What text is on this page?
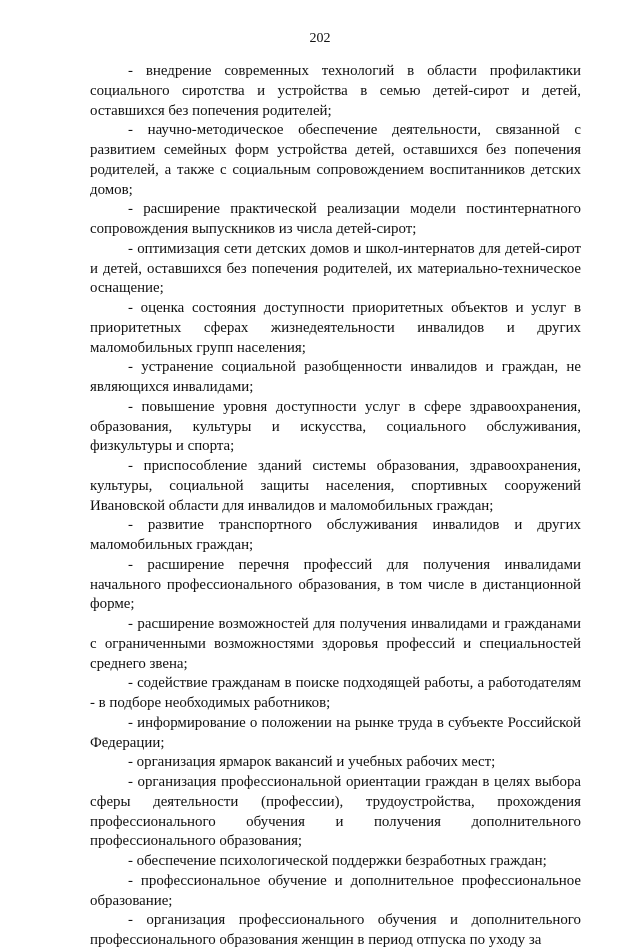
202

- внедрение современных технологий в области профилактики социального сиротства и устройства в семью детей-сирот и детей, оставшихся без попечения родителей;

- научно-методическое обеспечение деятельности, связанной с развитием семейных форм устройства детей, оставшихся без попечения родителей, а также с социальным сопровождением воспитанников детских домов;

- расширение практической реализации модели постинтернатного сопровождения выпускников из числа детей-сирот;

- оптимизация сети детских домов и школ-интернатов для детей-сирот и детей, оставшихся без попечения родителей, их материально-техническое оснащение;

- оценка состояния доступности приоритетных объектов и услуг в приоритетных сферах жизнедеятельности инвалидов и других маломобильных групп населения;

- устранение социальной разобщенности инвалидов и граждан, не являющихся инвалидами;

- повышение уровня доступности услуг в сфере здравоохранения, образования, культуры и искусства, социального обслуживания, физкультуры и спорта;

- приспособление зданий системы образования, здравоохранения, культуры, социальной защиты населения, спортивных сооружений Ивановской области для инвалидов и маломобильных граждан;

- развитие транспортного обслуживания инвалидов и других маломобильных граждан;

- расширение перечня профессий для получения инвалидами начального профессионального образования, в том числе в дистанционной форме;

- расширение возможностей для получения инвалидами и гражданами с ограниченными возможностями здоровья профессий и специальностей среднего звена;

- содействие гражданам в поиске подходящей работы, а работодателям - в подборе необходимых работников;

- информирование о положении на рынке труда в субъекте Российской Федерации;

- организация ярмарок вакансий и учебных рабочих мест;

- организация профессиональной ориентации граждан в целях выбора сферы деятельности (профессии), трудоустройства, прохождения профессионального обучения и получения дополнительного профессионального образования;

- обеспечение психологической поддержки безработных граждан;

- профессиональное обучение и дополнительное профессиональное образование;

- организация профессионального обучения и дополнительного профессионального образования женщин в период отпуска по уходу за
